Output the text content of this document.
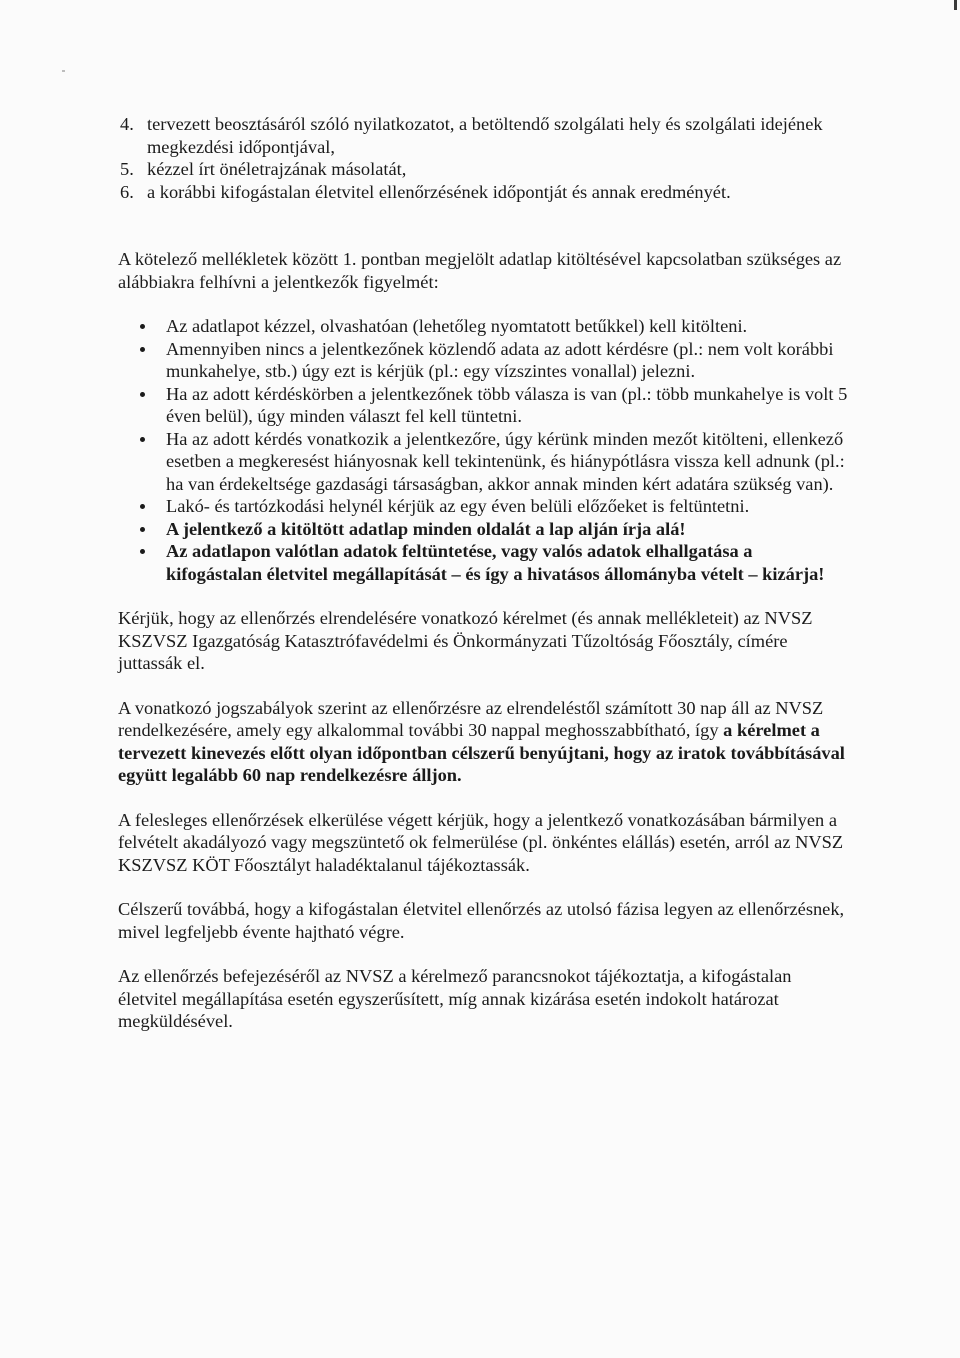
4. tervezett beosztásáról szóló nyilatkozatot, a betöltendő szolgálati hely és szolgálati idejének megkezdési időpontjával,
5. kézzel írt önéletrajzának másolatát,
6. a korábbi kifogástalan életvitel ellenőrzésének időpontját és annak eredményét.

A kötelező mellékletek között 1. pontban megjelölt adatlap kitöltésével kapcsolatban szükséges az alábbiakra felhívni a jelentkezők figyelmét:

Az adatlapot kézzel, olvashatóan (lehetőleg nyomtatott betűkkel) kell kitölteni.
Amennyiben nincs a jelentkezőnek közlendő adata az adott kérdésre (pl.: nem volt korábbi munkahelye, stb.) úgy ezt is kérjük (pl.: egy vízszintes vonallal) jelezni.
Ha az adott kérdéskörben a jelentkezőnek több válasza is van (pl.: több munkahelye is volt 5 éven belül), úgy minden választ fel kell tüntetni.
Ha az adott kérdés vonatkozik a jelentkezőre, úgy kérünk minden mezőt kitölteni, ellenkező esetben a megkeresést hiányosnak kell tekintenünk, és hiánypótlásra vissza kell adnunk (pl.: ha van érdekeltsége gazdasági társaságban, akkor annak minden kért adatára szükség van).
Lakó- és tartózkodási helynél kérjük az egy éven belüli előzőeket is feltüntetni.
A jelentkező a kitöltött adatlap minden oldalát a lap alján írja alá!
Az adatlapon valótlan adatok feltüntetése, vagy valós adatok elhallgatása a kifogástalan életvitel megállapítását – és így a hivatásos állományba vételt – kizárja!

Kérjük, hogy az ellenőrzés elrendelésére vonatkozó kérelmet (és annak mellékleteit) az NVSZ KSZVSZ Igazgatóság Katasztrófavédelmi és Önkormányzati Tűzoltóság Főosztály, címére juttassák el.

A vonatkozó jogszabályok szerint az ellenőrzésre az elrendeléstől számított 30 nap áll az NVSZ rendelkezésére, amely egy alkalommal további 30 nappal meghosszabbítható, így a kérelmet a tervezett kinevezés előtt olyan időpontban célszerű benyújtani, hogy az iratok továbbításával együtt legalább 60 nap rendelkezésre álljon.

A felesleges ellenőrzések elkerülése végett kérjük, hogy a jelentkező vonatkozásában bármilyen a felvételt akadályozó vagy megszüntető ok felmerülése (pl. önkéntes elállás) esetén, arról az NVSZ KSZVSZ KÖT Főosztályt haladéktalanul tájékoztassák.

Célszerű továbbá, hogy a kifogástalan életvitel ellenőrzés az utolsó fázisa legyen az ellenőrzésnek, mivel legfeljebb évente hajtható végre.

Az ellenőrzés befejezéséről az NVSZ a kérelmező parancsnokot tájékoztatja, a kifogástalan életvitel megállapítása esetén egyszerűsített, míg annak kizárása esetén indokolt határozat megküldésével.
